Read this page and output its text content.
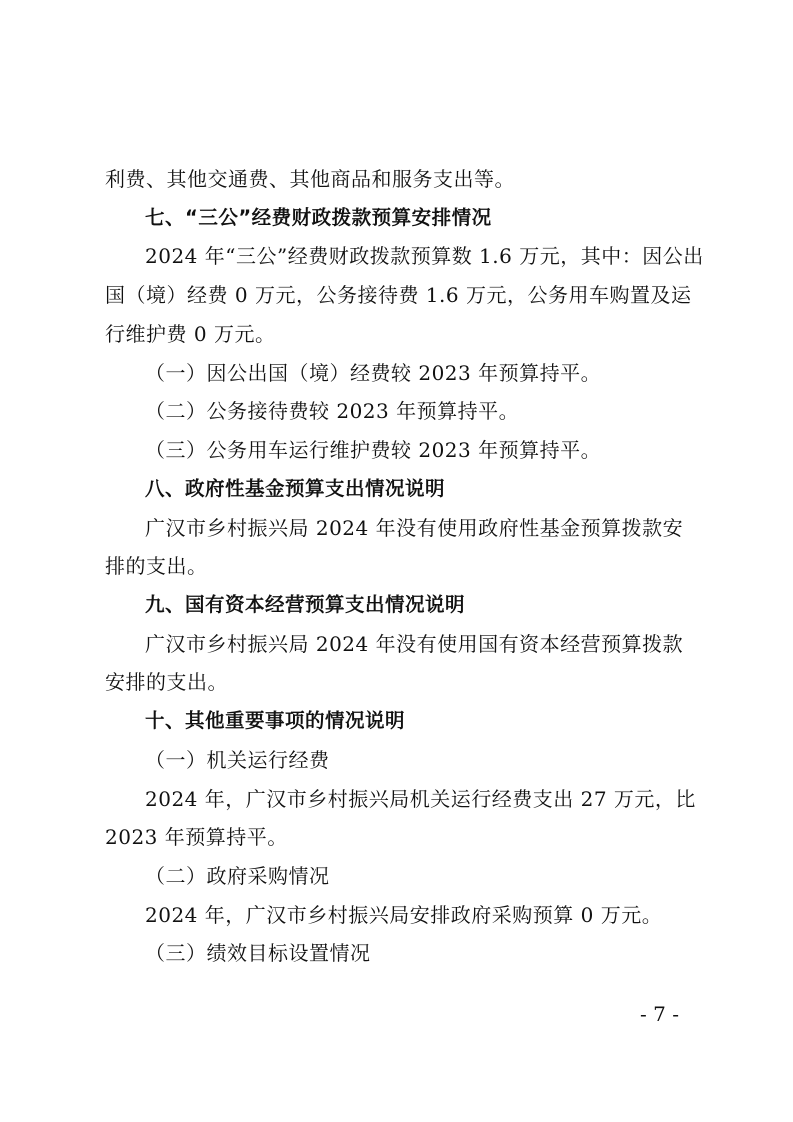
利费、其他交通费、其他商品和服务支出等。
七、“三公”经费财政拨款预算安排情况
2024 年“三公”经费财政拨款预算数 1.6 万元，其中：因公出
国（境）经费 0 万元，公务接待费 1.6 万元，公务用车购置及运
行维护费 0 万元。
（一）因公出国（境）经费较 2023 年预算持平。
（二）公务接待费较 2023 年预算持平。
（三）公务用车运行维护费较 2023 年预算持平。
八、政府性基金预算支出情况说明
广汉市乡村振兴局 2024 年没有使用政府性基金预算拨款安
排的支出。
九、国有资本经营预算支出情况说明
广汉市乡村振兴局 2024 年没有使用国有资本经营预算拨款
安排的支出。
十、其他重要事项的情况说明
（一）机关运行经费
2024 年，广汉市乡村振兴局机关运行经费支出 27 万元，比
2023 年预算持平。
（二）政府采购情况
2024 年，广汉市乡村振兴局安排政府采购预算 0 万元。
（三）绩效目标设置情况
- 7 -
